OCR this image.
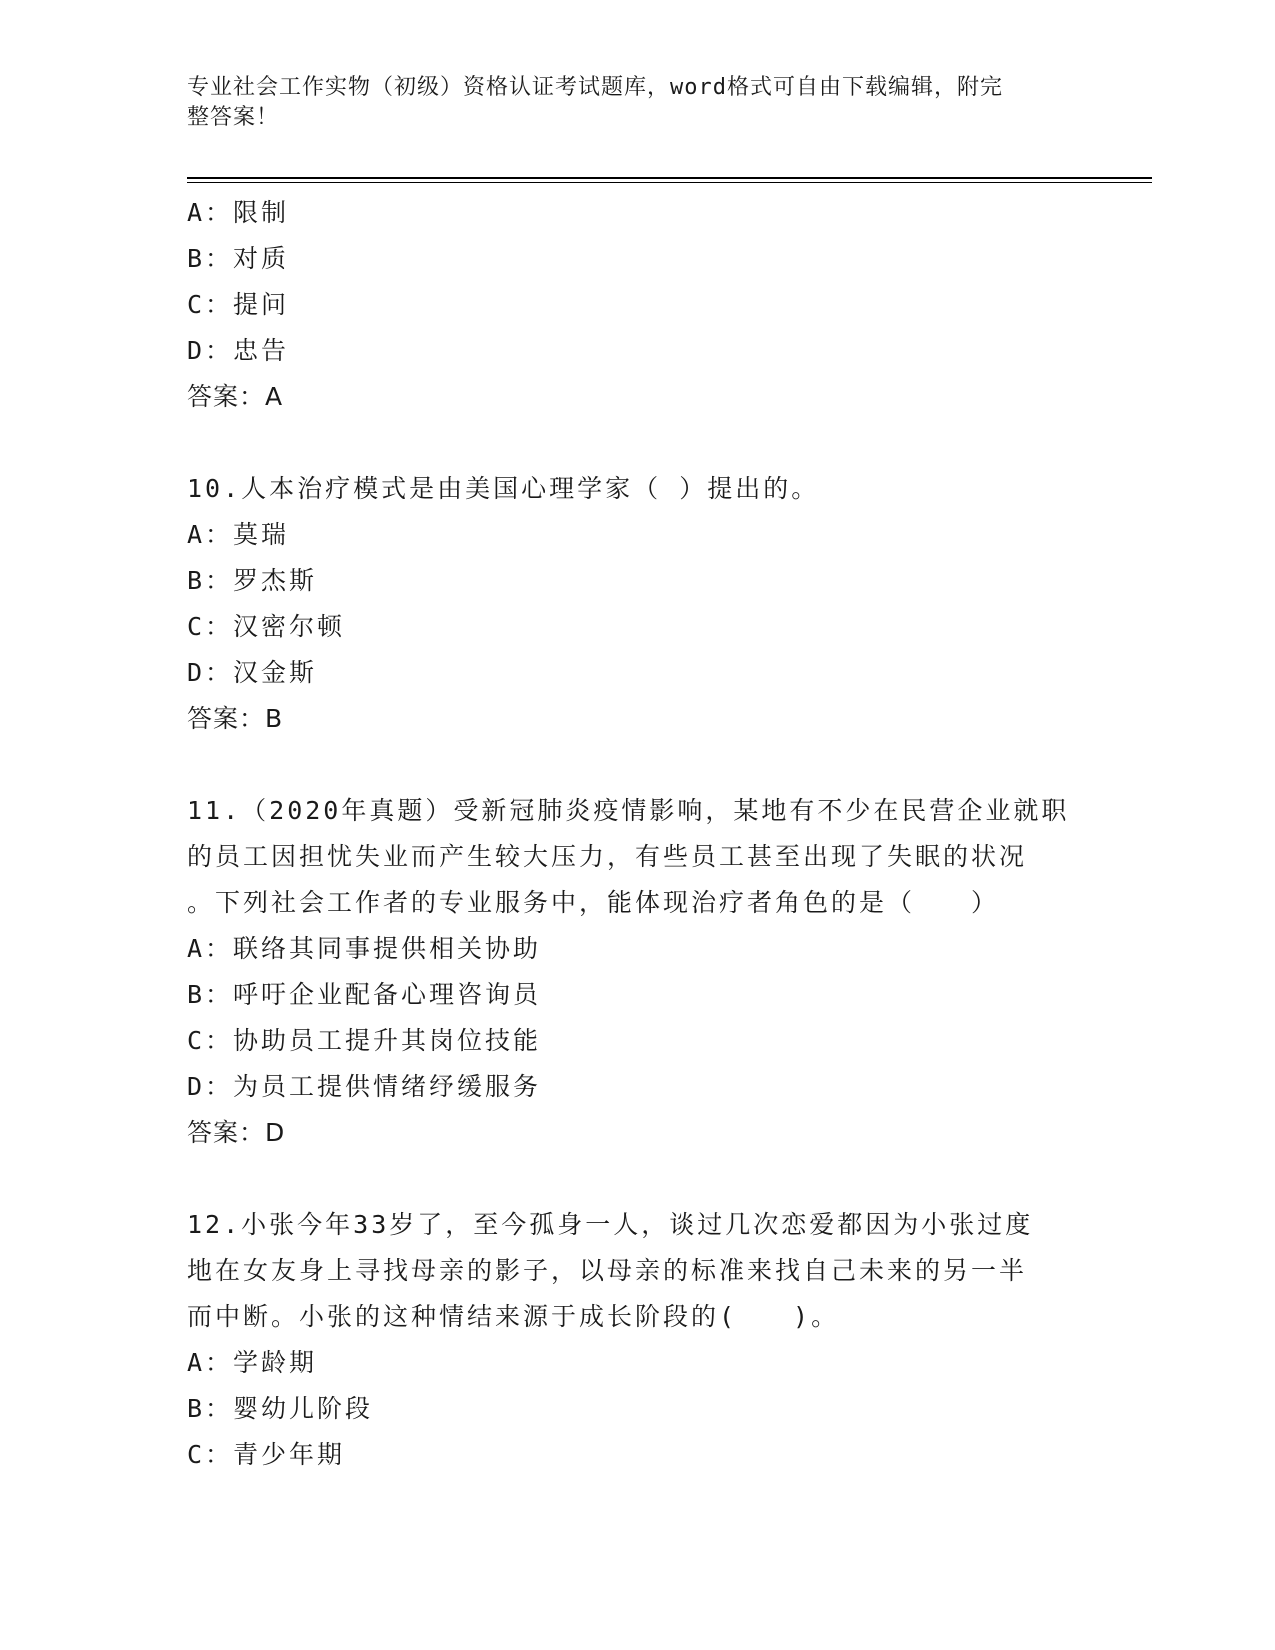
专业社会工作实物（初级）资格认证考试题库，word格式可自由下载编辑，附完
整答案！
A：限制
B：对质
C：提问
D：忠告
答案：A
10.人本治疗模式是由美国心理学家（ ）提出的。
A：莫瑞
B：罗杰斯
C：汉密尔顿
D：汉金斯
答案：B
11.（2020年真题）受新冠肺炎疫情影响，某地有不少在民营企业就职
的员工因担忧失业而产生较大压力，有些员工甚至出现了失眠的状况
。下列社会工作者的专业服务中，能体现治疗者角色的是（　　）
A：联络其同事提供相关协助
B：呼吁企业配备心理咨询员
C：协助员工提升其岗位技能
D：为员工提供情绪纾缓服务
答案：D
12.小张今年33岁了，至今孤身一人，谈过几次恋爱都因为小张过度
地在女友身上寻找母亲的影子，以母亲的标准来找自己未来的另一半
而中断。小张的这种情结来源于成长阶段的(　　)。
A：学龄期
B：婴幼儿阶段
C：青少年期
